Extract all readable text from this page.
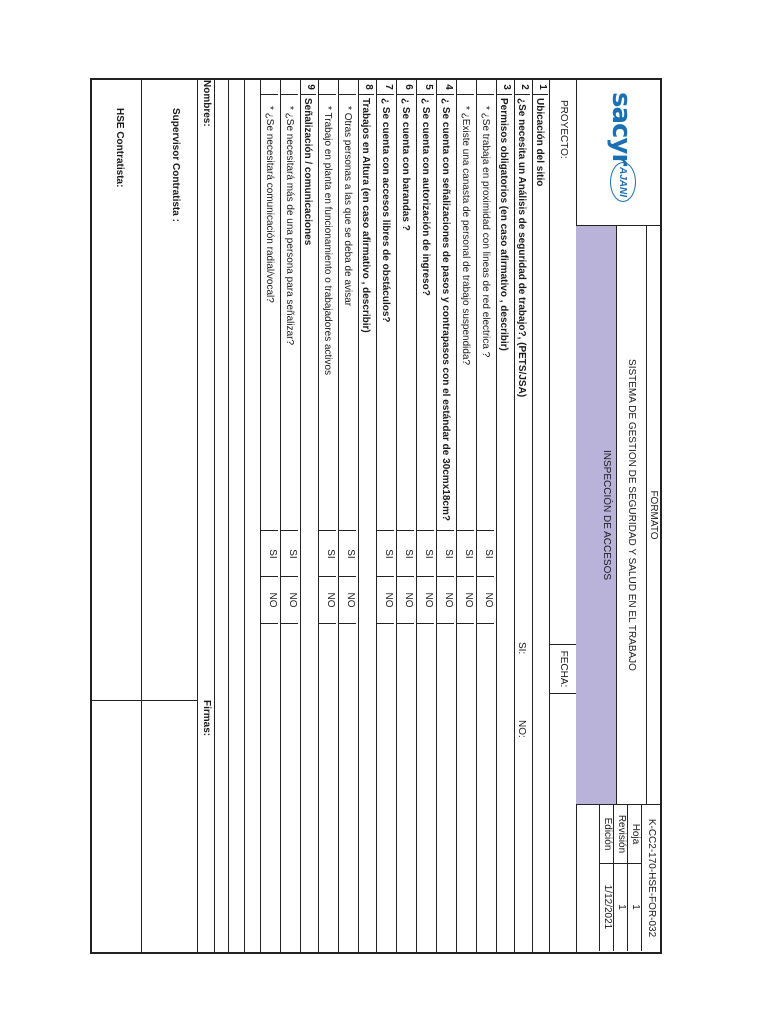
sacyr
AJANI
FORMATO
SISTEMA DE GESTION DE SEGURIDAD Y SALUD EN EL TRABAJO
INSPECCIÓN DE ACCESOS
K-CC2-170-HSE-FOR-032
Hoja
1
Revisión
1
Edición
1/12/2021
PROYECTO:
FECHA:
1
Ubicación del sitio
2
¿Se necesita un Análisis de seguridad de trabajo?, (PETS/JSA)
SI:
NO:
3
Permisos obligatorios (en caso afirmativo , describir)
* ¿Se trabaja en proximidad con lineas de red electrica ?
SI
NO
* ¿Existe una canasta de personal de trabajo suspendida?
SI
NO
4
¿ Se cuenta con señalizaciones de pasos y contrapasos con el estándar de 30cmx18cm?
SI
NO
5
¿ Se cuenta con autorización de ingreso?
SI
NO
6
¿ Se cuenta con barandas ?
SI
NO
7
¿ Se cuenta con accesos libres de obstáculos?
SI
NO
8
Trabajos en Altura (en caso afirmativo , describir)
* Otras personas a las que se deba de avisar
SI
NO
* Trabajo en planta en funcionamiento o trabajadores activos
SI
NO
9
Señalización / comunicaciones
* ¿Se necesitará más de una persona para señalizar?
SI
NO
* ¿Se necesitará comunicación radial/vocal?
SI
NO
Nombres:
Firmas:
Supervisor Contratista :
HSE Contratista:
